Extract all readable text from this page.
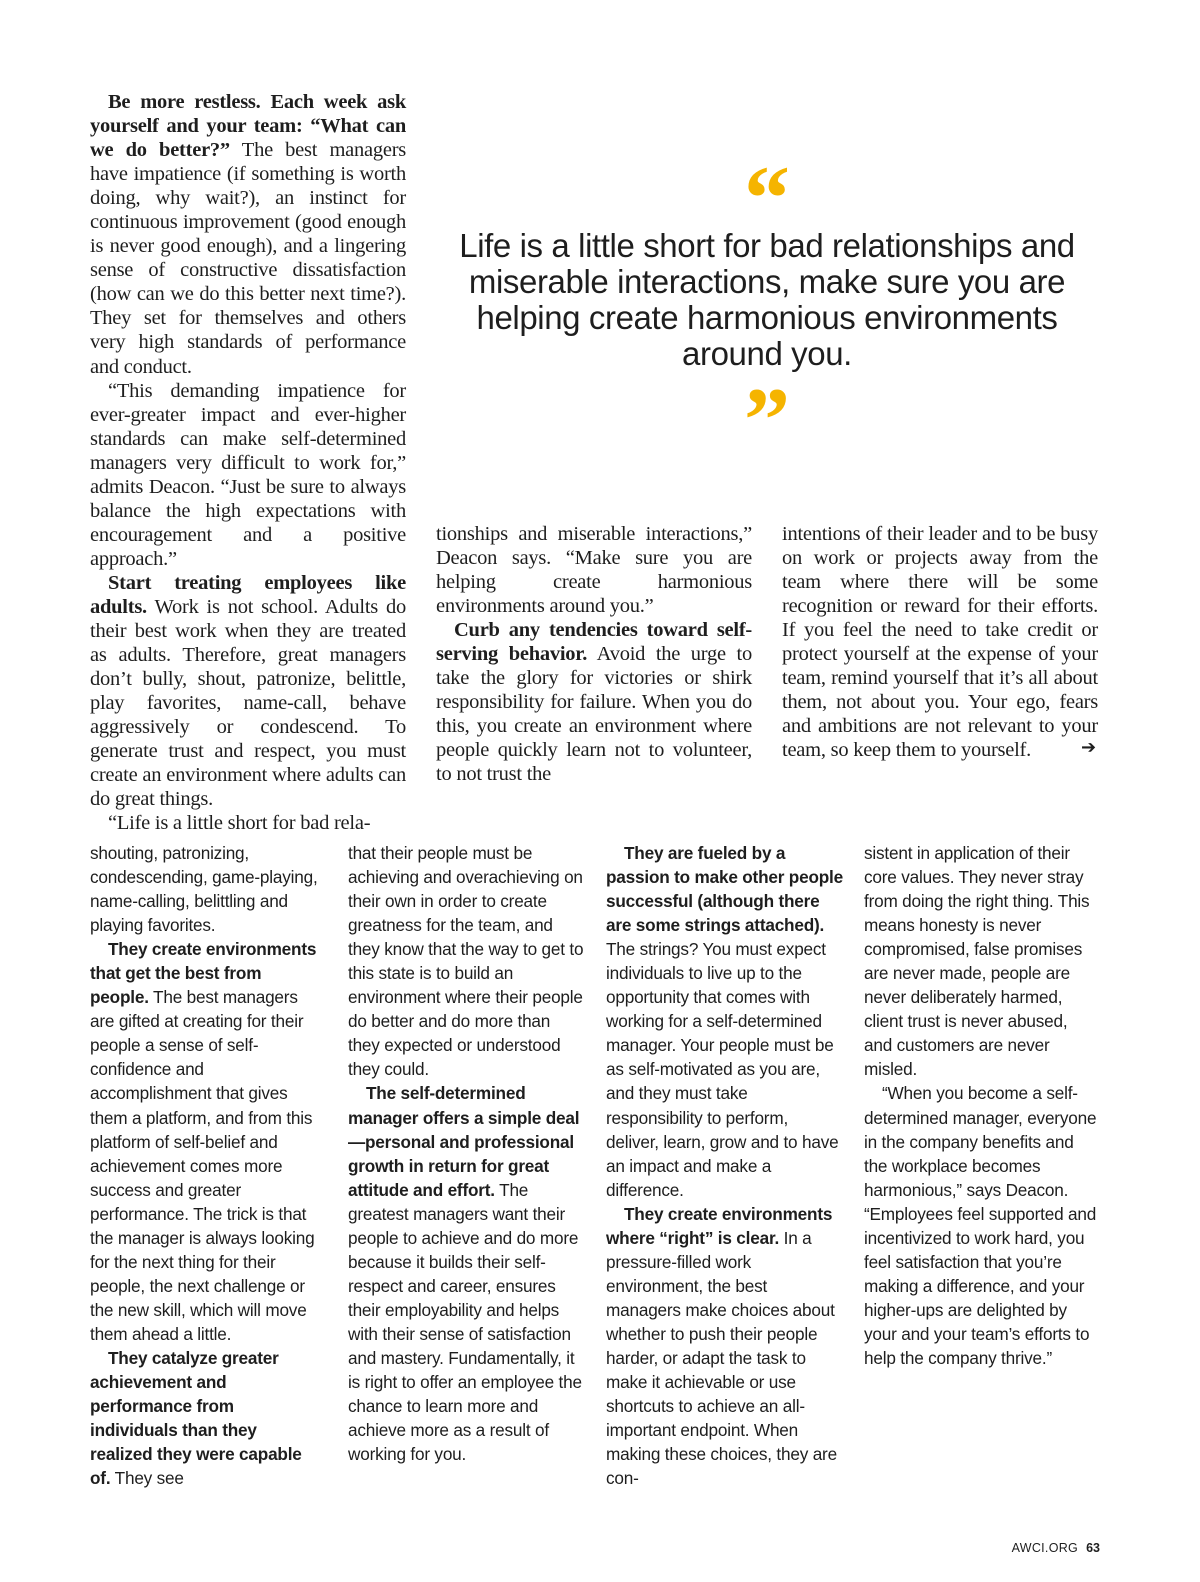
Be more restless. Each week ask yourself and your team: “What can we do better?” The best managers have impatience (if something is worth doing, why wait?), an instinct for continuous improvement (good enough is never good enough), and a lingering sense of constructive dissatisfaction (how can we do this better next time?). They set for themselves and others very high standards of performance and conduct.

“This demanding impatience for ever-greater impact and ever-higher standards can make self-determined managers very difficult to work for,” admits Deacon. “Just be sure to always balance the high expectations with encouragement and a positive approach.”

Start treating employees like adults. Work is not school. Adults do their best work when they are treated as adults. Therefore, great managers don’t bully, shout, patronize, belittle, play favorites, name-call, behave aggressively or condescend. To generate trust and respect, you must create an environment where adults can do great things.

“Life is a little short for bad rela-

“
Life is a little short for bad relationships and miserable interactions, make sure you are helping create harmonious environments around you.
”

tionships and miserable interactions,” Deacon says. “Make sure you are helping create harmonious environments around you.”

Curb any tendencies toward self-serving behavior. Avoid the urge to take the glory for victories or shirk responsibility for failure. When you do this, you create an environment where people quickly learn not to volunteer, to not trust the

intentions of their leader and to be busy on work or projects away from the team where there will be some recognition or reward for their efforts. If you feel the need to take credit or protect yourself at the expense of your team, remind yourself that it’s all about them, not about you. Your ego, fears and ambitions are not relevant to your team, so keep them to yourself.	➔

shouting, patronizing, condescending, game-playing, name-calling, belittling and playing favorites.

They create environments that get the best from people. The best managers are gifted at creating for their people a sense of self-confidence and accomplishment that gives them a platform, and from this platform of self-belief and achievement comes more success and greater performance. The trick is that the manager is always looking for the next thing for their people, the next challenge or the new skill, which will move them ahead a little.

They catalyze greater achievement and performance from individuals than they realized they were capable of. They see

that their people must be achieving and overachieving on their own in order to create greatness for the team, and they know that the way to get to this state is to build an environment where their people do better and do more than they expected or understood they could.

The self-determined manager offers a simple deal—personal and professional growth in return for great attitude and effort. The greatest managers want their people to achieve and do more because it builds their self-respect and career, ensures their employability and helps with their sense of satisfaction and mastery. Fundamentally, it is right to offer an employee the chance to learn more and achieve more as a result of working for you.

They are fueled by a passion to make other people successful (although there are some strings attached). The strings? You must expect individuals to live up to the opportunity that comes with working for a self-determined manager. Your people must be as self-motivated as you are, and they must take responsibility to perform, deliver, learn, grow and to have an impact and make a difference.

They create environments where “right” is clear. In a pressure-filled work environment, the best managers make choices about whether to push their people harder, or adapt the task to make it achievable or use shortcuts to achieve an all-important endpoint. When making these choices, they are con-

sistent in application of their core values. They never stray from doing the right thing. This means honesty is never compromised, false promises are never made, people are never deliberately harmed, client trust is never abused, and customers are never misled.

“When you become a self-determined manager, everyone in the company benefits and the workplace becomes harmonious,” says Deacon. “Employees feel supported and incentivized to work hard, you feel satisfaction that you’re making a difference, and your higher-ups are delighted by your and your team’s efforts to help the company thrive.”

AWCI.ORG 63
